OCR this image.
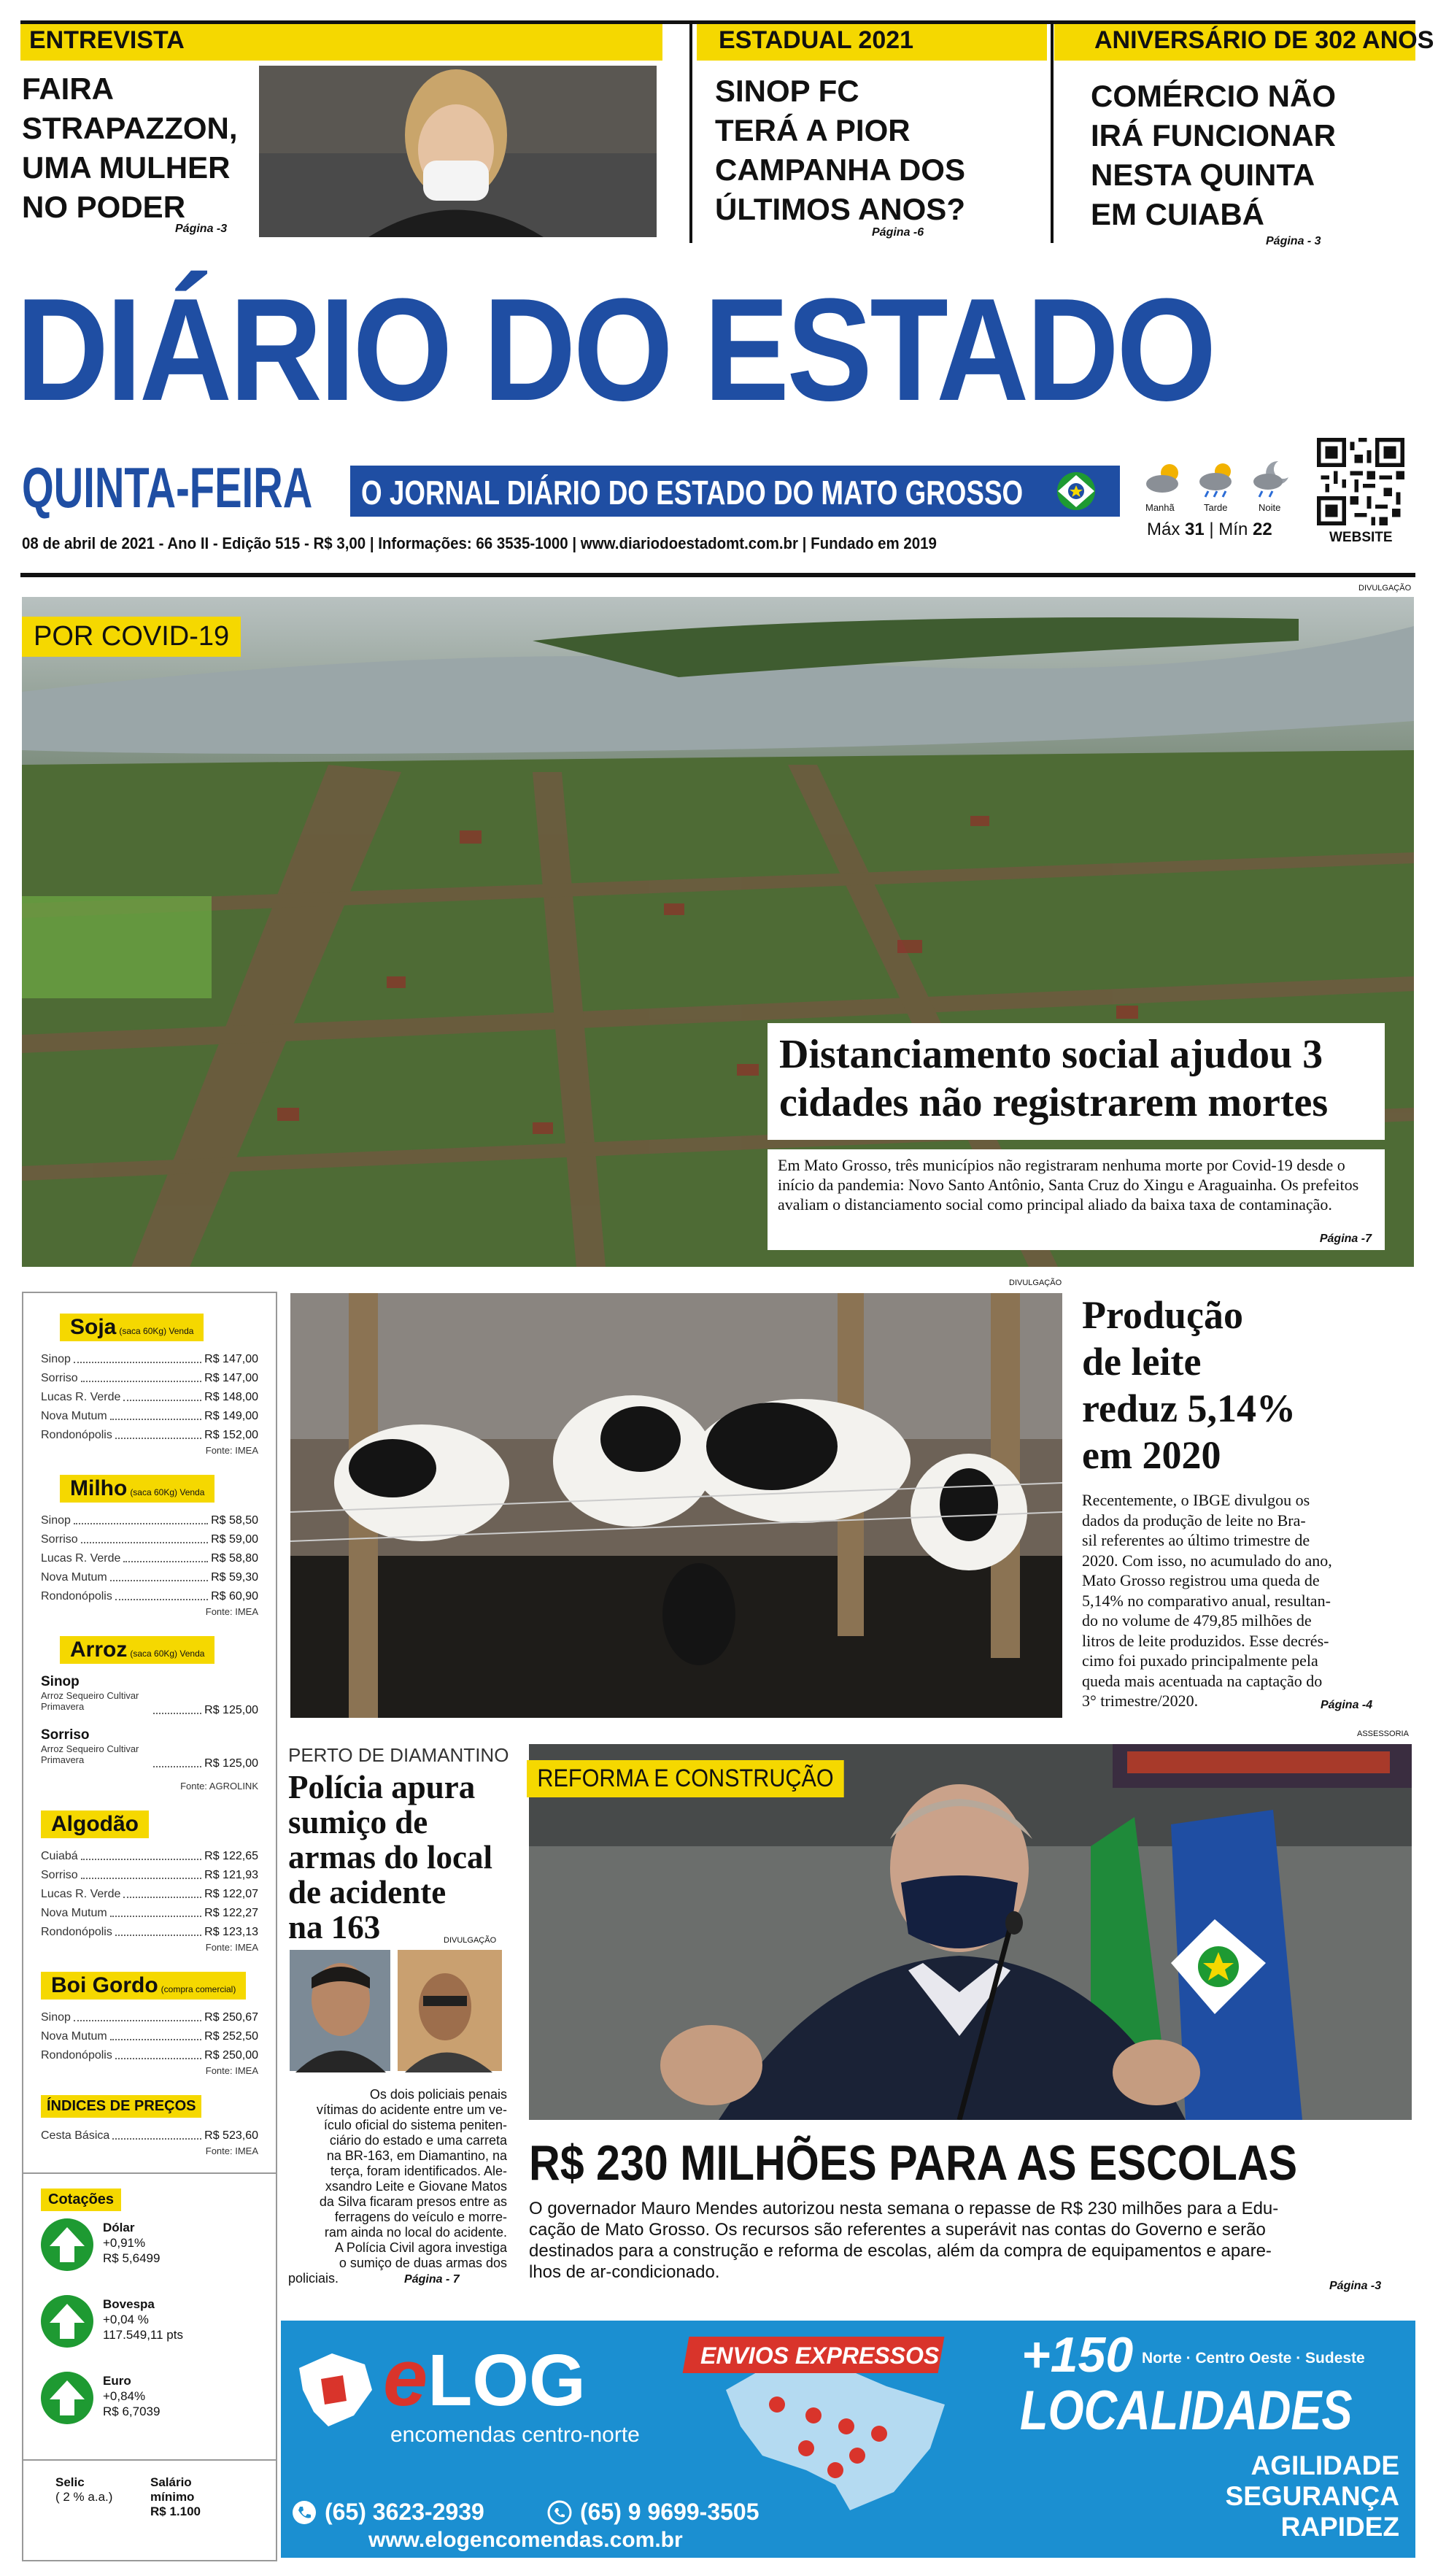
ENTREVISTA	ESTADUAL 2021	ANIVERSÁRIO DE 302 ANOS
FAIRA
STRAPAZZON,
UMA MULHER
NO PODER
Página -3
SINOP FC
TERÁ A PIOR
CAMPANHA DOS
ÚLTIMOS ANOS?
Página -6
COMÉRCIO NÃO
IRÁ FUNCIONAR
NESTA QUINTA
EM CUIABÁ
Página - 3
DIÁRIO DO ESTADO
QUINTA-FEIRA O JORNAL DIÁRIO DO ESTADO DO MATO GROSSO
08 de abril de 2021 - Ano II - Edição 515 - R$ 3,00 | Informações: 66 3535-1000 | www.diariodoestadomt.com.br | Fundado em 2019
Manhã	Tarde	Noite
Máx 31 | Mín 22	WEBSITE
DIVULGAÇÃO
POR COVID-19
Distanciamento social ajudou 3
cidades não registrarem mortes
Em Mato Grosso, três municípios não registraram nenhuma morte por Covid-19 desde o início da pandemia: Novo Santo Antônio, Santa Cruz do Xingu e Araguainha. Os prefeitos avaliam o distanciamento social como principal aliado da baixa taxa de contaminação.
Página -7
Soja (saca 60Kg) Venda
Sinop	R$ 147,00
Sorriso	R$ 147,00
Lucas R. Verde	R$ 148,00
Nova Mutum	R$ 149,00
Rondonópolis	R$ 152,00
Fonte: IMEA
Milho (saca 60Kg) Venda
Sinop	R$ 58,50
Sorriso	R$ 59,00
Lucas R. Verde	R$ 58,80
Nova Mutum	R$ 59,30
Rondonópolis	R$ 60,90
Fonte: IMEA
Arroz (saca 60Kg) Venda
Sinop
Arroz Sequeiro Cultivar Primavera	R$ 125,00
Sorriso
Arroz Sequeiro Cultivar Primavera	R$ 125,00
Fonte: AGROLINK
Algodão
Cuiabá	R$ 122,65
Sorriso	R$ 121,93
Lucas R. Verde	R$ 122,07
Nova Mutum	R$ 122,27
Rondonópolis	R$ 123,13
Fonte: IMEA
Boi Gordo (compra comercial)
Sinop	R$ 250,67
Nova Mutum	R$ 252,50
Rondonópolis	R$ 250,00
Fonte: IMEA
ÍNDICES DE PREÇOS
Cesta Básica	R$ 523,60
Fonte: IMEA
Cotações
Dólar
+0,91%
R$ 5,6499
Bovespa
+0,04 %
117.549,11 pts
Euro
+0,84%
R$ 6,7039
Selic
( 2 % a.a.)
Salário mínimo
R$ 1.100
DIVULGAÇÃO
Produção
de leite
reduz 5,14%
em 2020
Recentemente, o IBGE divulgou os
dados da produção de leite no Bra-
sil referentes ao último trimestre de
2020. Com isso, no acumulado do ano,
Mato Grosso registrou uma queda de
5,14% no comparativo anual, resultan-
do no volume de 479,85 milhões de
litros de leite produzidos. Esse decrés-
cimo foi puxado principalmente pela
queda mais acentuada na captação do
3° trimestre/2020.	Página -4
PERTO DE DIAMANTINO
Polícia apura
sumiço de
armas do local
de acidente
na 163	DIVULGAÇÃO
Os dois policiais penais
vítimas do acidente entre um ve-
ículo oficial do sistema peniten-
ciário do estado e uma carreta
na BR-163, em Diamantino, na
terça, foram identificados. Ale-
xsandro Leite e Giovane Matos
da Silva ficaram presos entre as
ferragens do veículo e morre-
ram ainda no local do acidente.
A Polícia Civil agora investiga
o sumiço de duas armas dos
policiais.	Página - 7
ASSESSORIA
REFORMA E CONSTRUÇÃO
R$ 230 MILHÕES PARA AS ESCOLAS
O governador Mauro Mendes autorizou nesta semana o repasse de R$ 230 milhões para a Edu-
cação de Mato Grosso. Os recursos são referentes a superávit nas contas do Governo e serão
destinados para a construção e reforma de escolas, além da compra de equipamentos e apare-
lhos de ar-condicionado.
Página -3
ENVIOS EXPRESSOS
eLOG
encomendas centro-norte
+150 Norte · Centro Oeste · Sudeste
LOCALIDADES
AGILIDADE
SEGURANÇA
RAPIDEZ
(65) 3623-2939	(65) 9 9699-3505
www.elogencomendas.com.br
